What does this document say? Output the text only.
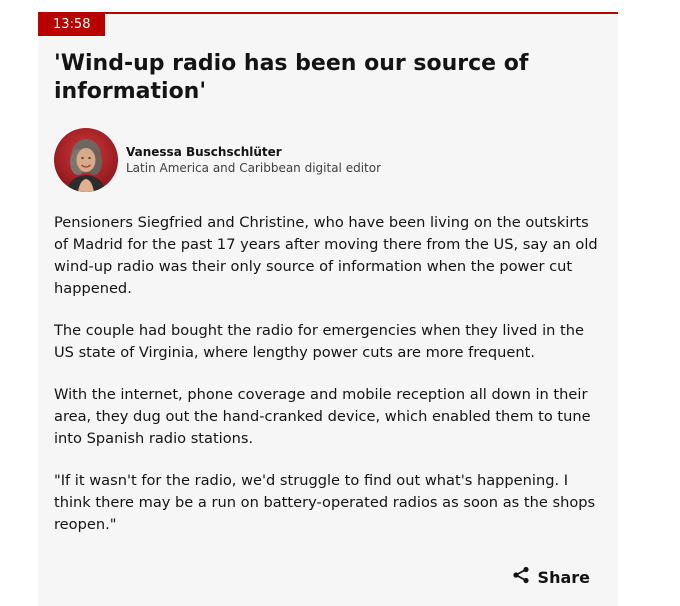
13:58
'Wind-up radio has been our source of information'
Vanessa Buschschlüter
Latin America and Caribbean digital editor

Pensioners Siegfried and Christine, who have been living on the outskirts of Madrid for the past 17 years after moving there from the US, say an old wind-up radio was their only source of information when the power cut happened.

The couple had bought the radio for emergencies when they lived in the US state of Virginia, where lengthy power cuts are more frequent.

With the internet, phone coverage and mobile reception all down in their area, they dug out the hand-cranked device, which enabled them to tune into Spanish radio stations.

"If it wasn't for the radio, we'd struggle to find out what's happening. I think there may be a run on battery-operated radios as soon as the shops reopen."

Share
